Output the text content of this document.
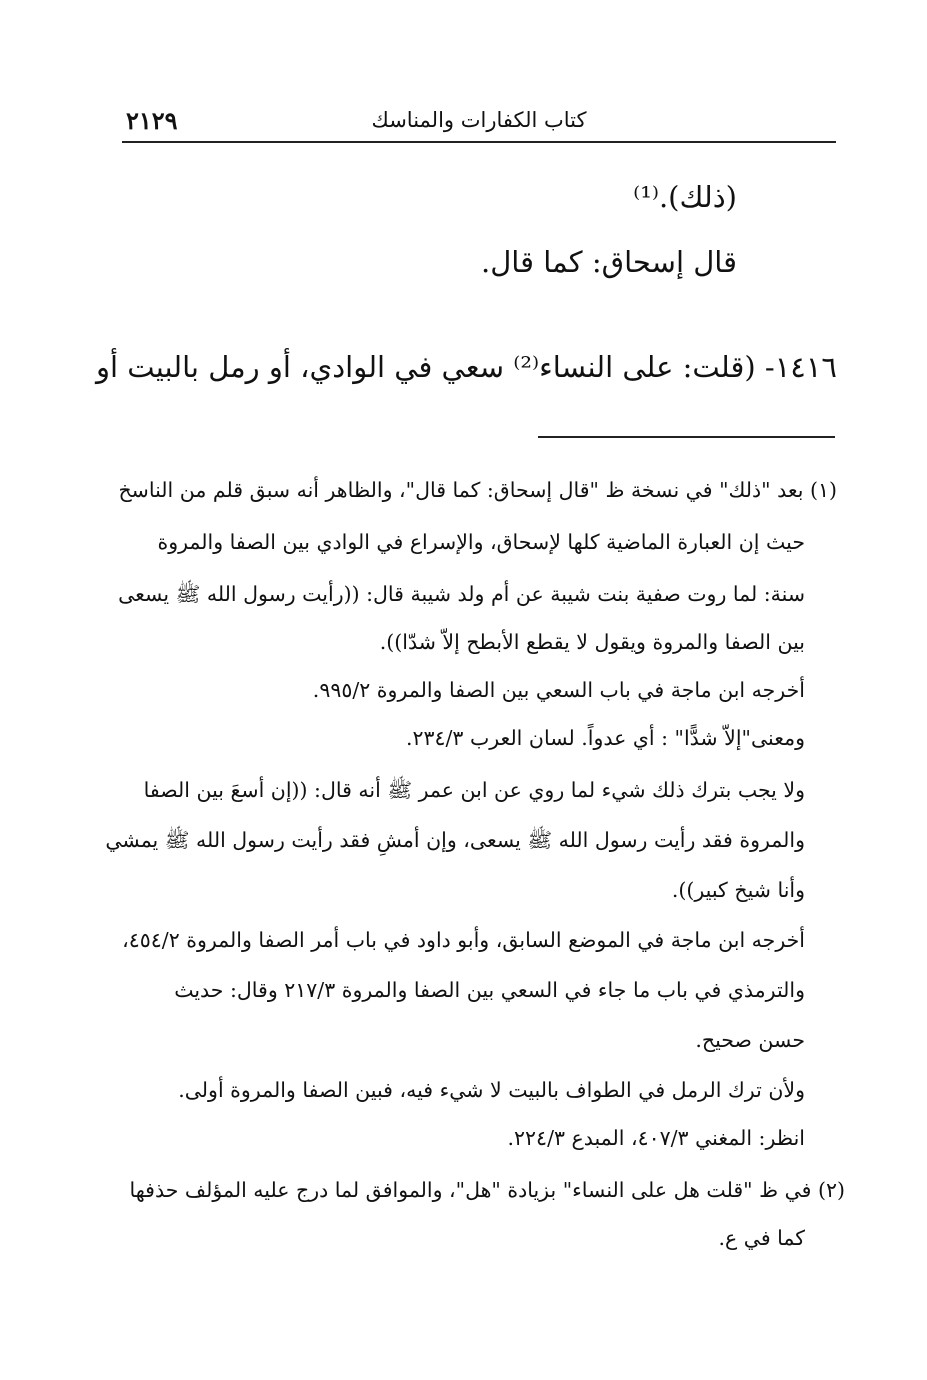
كتاب الكفارات والمناسك
٢١٢٩
(ذلك).⁽¹⁾
قال إسحاق: كما قال.
١٤١٦- (قلت: على النساء⁽²⁾ سعي في الوادي، أو رمل بالبيت أو
(١) بعد "ذلك" في نسخة ظ "قال إسحاق: كما قال"، والظاهر أنه سبق قلم من الناسخ
حيث إن العبارة الماضية كلها لإسحاق، والإسراع في الوادي بين الصفا والمروة
سنة: لما روت صفية بنت شيبة عن أم ولد شيبة قال: ((رأيت رسول الله ﷺ يسعى
بين الصفا والمروة ويقول لا يقطع الأبطح إلاّ شدّا)).
أخرجه ابن ماجة في باب السعي بين الصفا والمروة ٩٩٥/٢.
ومعنى"إلاّ شدًّا" : أي عدواً. لسان العرب ٢٣٤/٣.
ولا يجب بترك ذلك شيء لما روي عن ابن عمر ﷺ أنه قال: ((إن أسعَ بين الصفا
والمروة فقد رأيت رسول الله ﷺ يسعى، وإن أمشِ فقد رأيت رسول الله ﷺ يمشي
وأنا شيخ كبير)).
أخرجه ابن ماجة في الموضع السابق، وأبو داود في باب أمر الصفا والمروة ٤٥٤/٢،
والترمذي في باب ما جاء في السعي بين الصفا والمروة ٢١٧/٣ وقال: حديث
حسن صحيح.
ولأن ترك الرمل في الطواف بالبيت لا شيء فيه، فبين الصفا والمروة أولى.
انظر: المغني ٤٠٧/٣، المبدع ٢٢٤/٣.
(٢) في ظ "قلت هل على النساء" بزيادة "هل"، والموافق لما درج عليه المؤلف حذفها
كما في ع.
